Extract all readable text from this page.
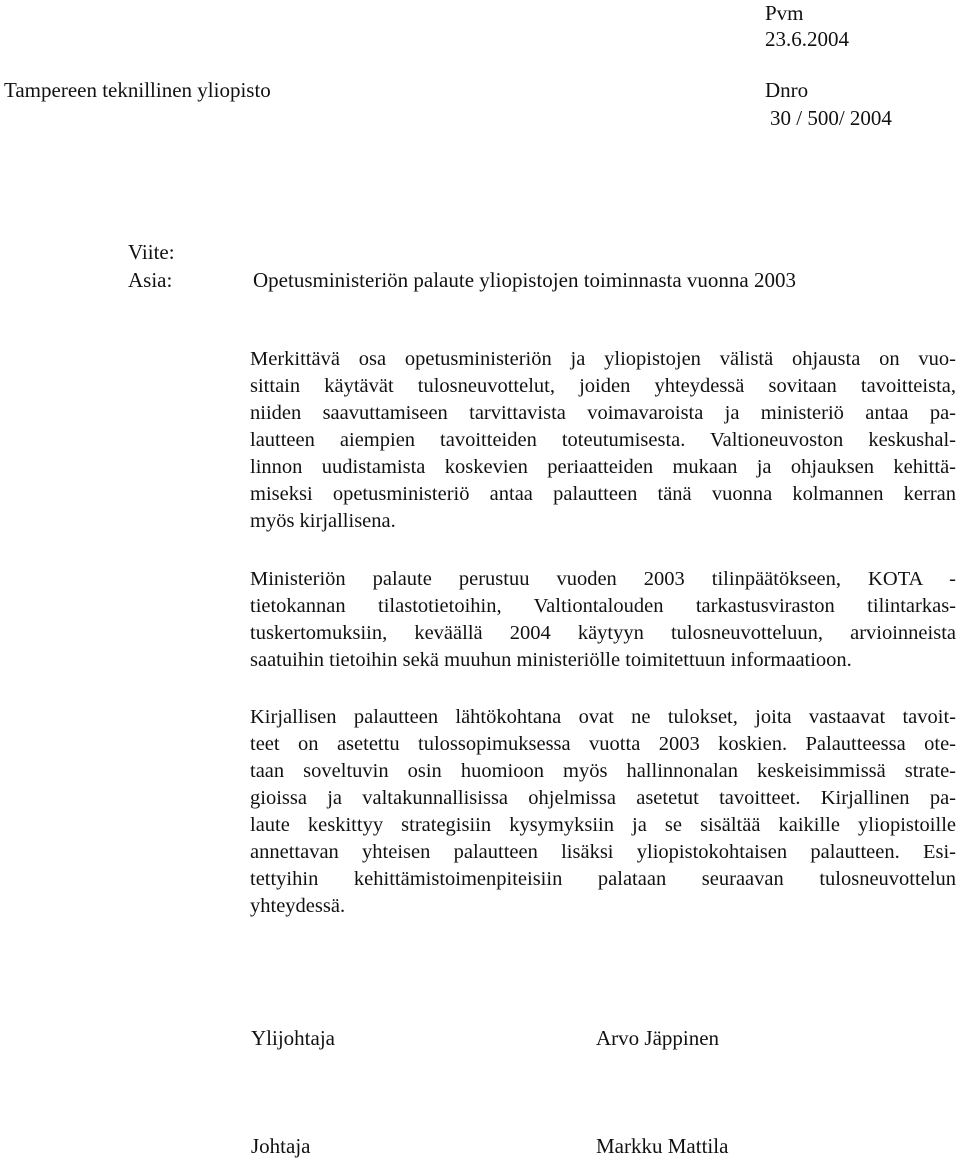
Pvm
23.6.2004
Tampereen teknillinen yliopisto	Dnro
30 / 500/ 2004
Viite:
Asia:	Opetusministeriön palaute yliopistojen toiminnasta vuonna 2003
Merkittävä osa opetusministeriön ja yliopistojen välistä ohjausta on vuo-
sittain käytävät tulosneuvottelut, joiden yhteydessä sovitaan tavoitteista,
niiden saavuttamiseen tarvittavista voimavaroista ja ministeriö antaa pa-
lautteen aiempien tavoitteiden toteutumisesta. Valtioneuvoston keskushal-
linnon uudistamista koskevien periaatteiden mukaan ja ohjauksen kehittä-
miseksi opetusministeriö antaa palautteen tänä vuonna kolmannen kerran
myös kirjallisena.
Ministeriön palaute perustuu vuoden 2003 tilinpäätökseen, KOTA -
tietokannan tilastotietoihin, Valtiontalouden tarkastusviraston tilintarkas-
tuskertomuksiin, keväällä 2004 käytyyn tulosneuvotteluun, arvioinneista
saatuihin tietoihin sekä muuhun ministeriölle toimitettuun informaatioon.
Kirjallisen palautteen lähtökohtana ovat ne tulokset, joita vastaavat tavoit-
teet on asetettu tulossopimuksessa vuotta 2003 koskien. Palautteessa ote-
taan soveltuvin osin huomioon myös hallinnonalan keskeisimmissä strate-
gioissa ja valtakunnallisissa ohjelmissa asetetut tavoitteet. Kirjallinen pa-
laute keskittyy strategisiin kysymyksiin ja se sisältää kaikille yliopistoille
annettavan yhteisen palautteen lisäksi yliopistokohtaisen palautteen. Esi-
tettyihin kehittämistoimenpiteisiin palataan seuraavan tulosneuvottelun
yhteydessä.
Ylijohtaja	Arvo Jäppinen
Johtaja	Markku Mattila
